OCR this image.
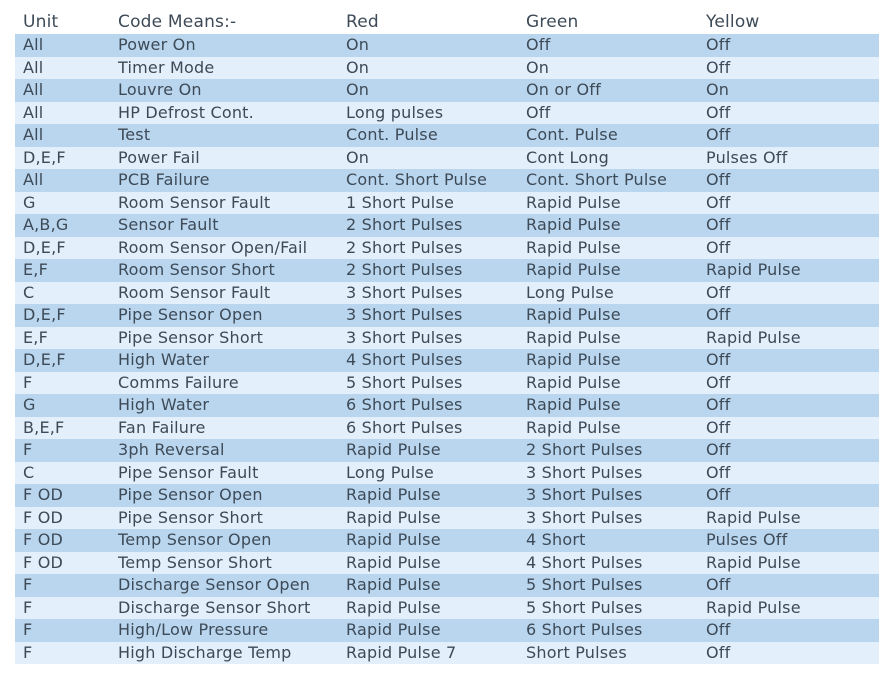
Unit	Code Means:-	Red	Green	Yellow
All	Power On	On	Off	Off
All	Timer Mode	On	On	Off
All	Louvre On	On	On or Off	On
All	HP Defrost Cont.	Long pulses	Off	Off
All	Test	Cont. Pulse	Cont. Pulse	Off
D,E,F	Power Fail	On	Cont Long	Pulses Off
All	PCB Failure	Cont. Short Pulse	Cont. Short Pulse	Off
G	Room Sensor Fault	1 Short Pulse	Rapid Pulse	Off
A,B,G	Sensor Fault	2 Short Pulses	Rapid Pulse	Off
D,E,F	Room Sensor Open/Fail	2 Short Pulses	Rapid Pulse	Off
E,F	Room Sensor Short	2 Short Pulses	Rapid Pulse	Rapid Pulse
C	Room Sensor Fault	3 Short Pulses	Long Pulse	Off
D,E,F	Pipe Sensor Open	3 Short Pulses	Rapid Pulse	Off
E,F	Pipe Sensor Short	3 Short Pulses	Rapid Pulse	Rapid Pulse
D,E,F	High Water	4 Short Pulses	Rapid Pulse	Off
F	Comms Failure	5 Short Pulses	Rapid Pulse	Off
G	High Water	6 Short Pulses	Rapid Pulse	Off
B,E,F	Fan Failure	6 Short Pulses	Rapid Pulse	Off
F	3ph Reversal	Rapid Pulse	2 Short Pulses	Off
C	Pipe Sensor Fault	Long Pulse	3 Short Pulses	Off
F OD	Pipe Sensor Open	Rapid Pulse	3 Short Pulses	Off
F OD	Pipe Sensor Short	Rapid Pulse	3 Short Pulses	Rapid Pulse
F OD	Temp Sensor Open	Rapid Pulse	4 Short	Pulses Off
F OD	Temp Sensor Short	Rapid Pulse	4 Short Pulses	Rapid Pulse
F	Discharge Sensor Open	Rapid Pulse	5 Short Pulses	Off
F	Discharge Sensor Short	Rapid Pulse	5 Short Pulses	Rapid Pulse
F	High/Low Pressure	Rapid Pulse	6 Short Pulses	Off
F	High Discharge Temp	Rapid Pulse 7	Short Pulses	Off
